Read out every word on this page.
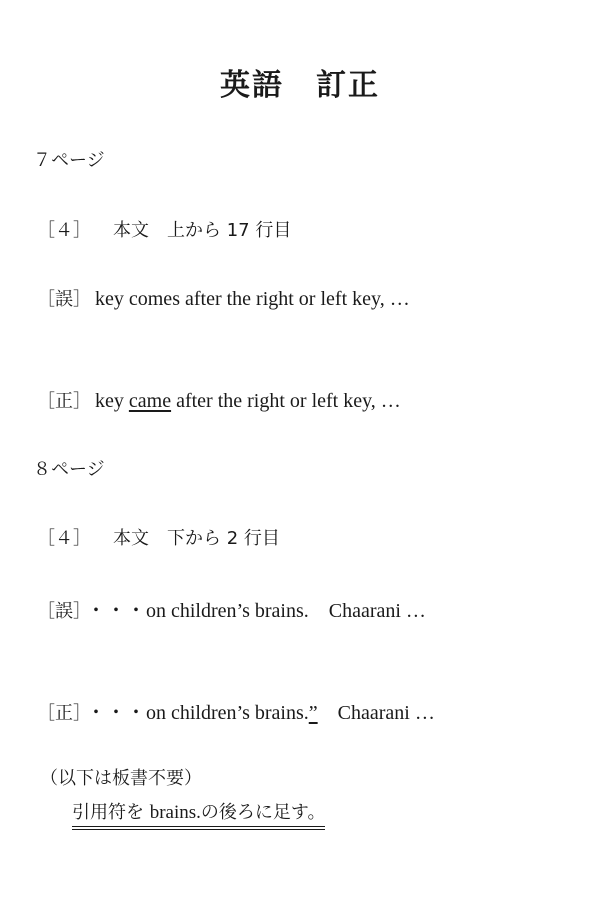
英語　訂正
７ページ
［４］ 本文　上から 17 行目
［誤］ key comes after the right or left key, …
［正］ key came after the right or left key, …
８ページ
［４］ 本文　下から 2 行目
［誤］ ・・・on children’s brains.　Chaarani …
［正］ ・・・on children’s brains.”　Chaarani …
（以下は板書不要）
引用符を brains.の後ろに足す。
